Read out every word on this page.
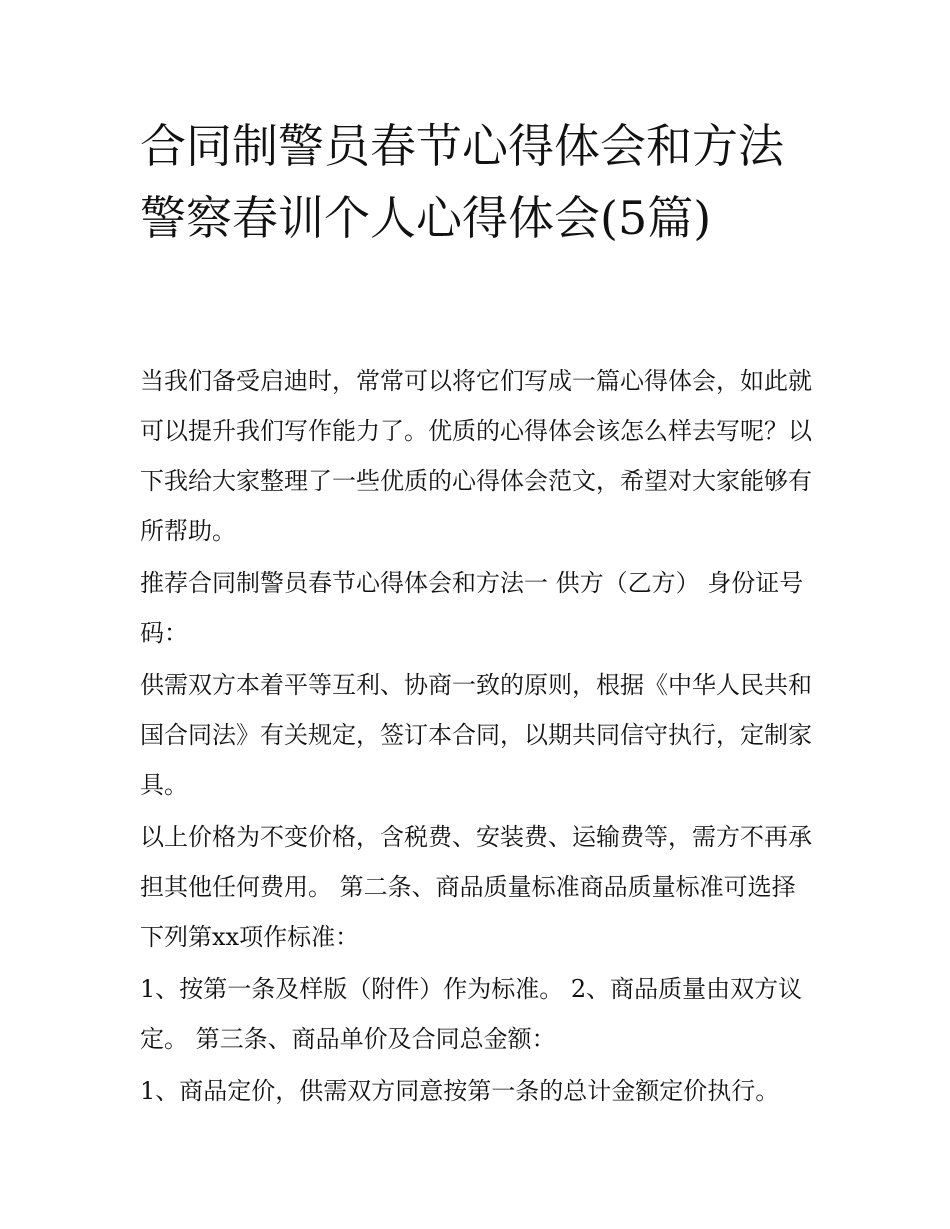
合同制警员春节心得体会和方法 警察春训个人心得体会(5篇)

当我们备受启迪时，常常可以将它们写成一篇心得体会，如此就可以提升我们写作能力了。优质的心得体会该怎么样去写呢？以下我给大家整理了一些优质的心得体会范文，希望对大家能够有所帮助。

推荐合同制警员春节心得体会和方法一 供方（乙方） 身份证号码：

供需双方本着平等互利、协商一致的原则，根据《中华人民共和国合同法》有关规定，签订本合同，以期共同信守执行，定制家具。

以上价格为不变价格，含税费、安装费、运输费等，需方不再承担其他任何费用。 第二条、商品质量标准商品质量标准可选择下列第xx项作标准：

1、按第一条及样版（附件）作为标准。 2、商品质量由双方议定。 第三条、商品单价及合同总金额：

1、商品定价，供需双方同意按第一条的总计金额定价执行。
